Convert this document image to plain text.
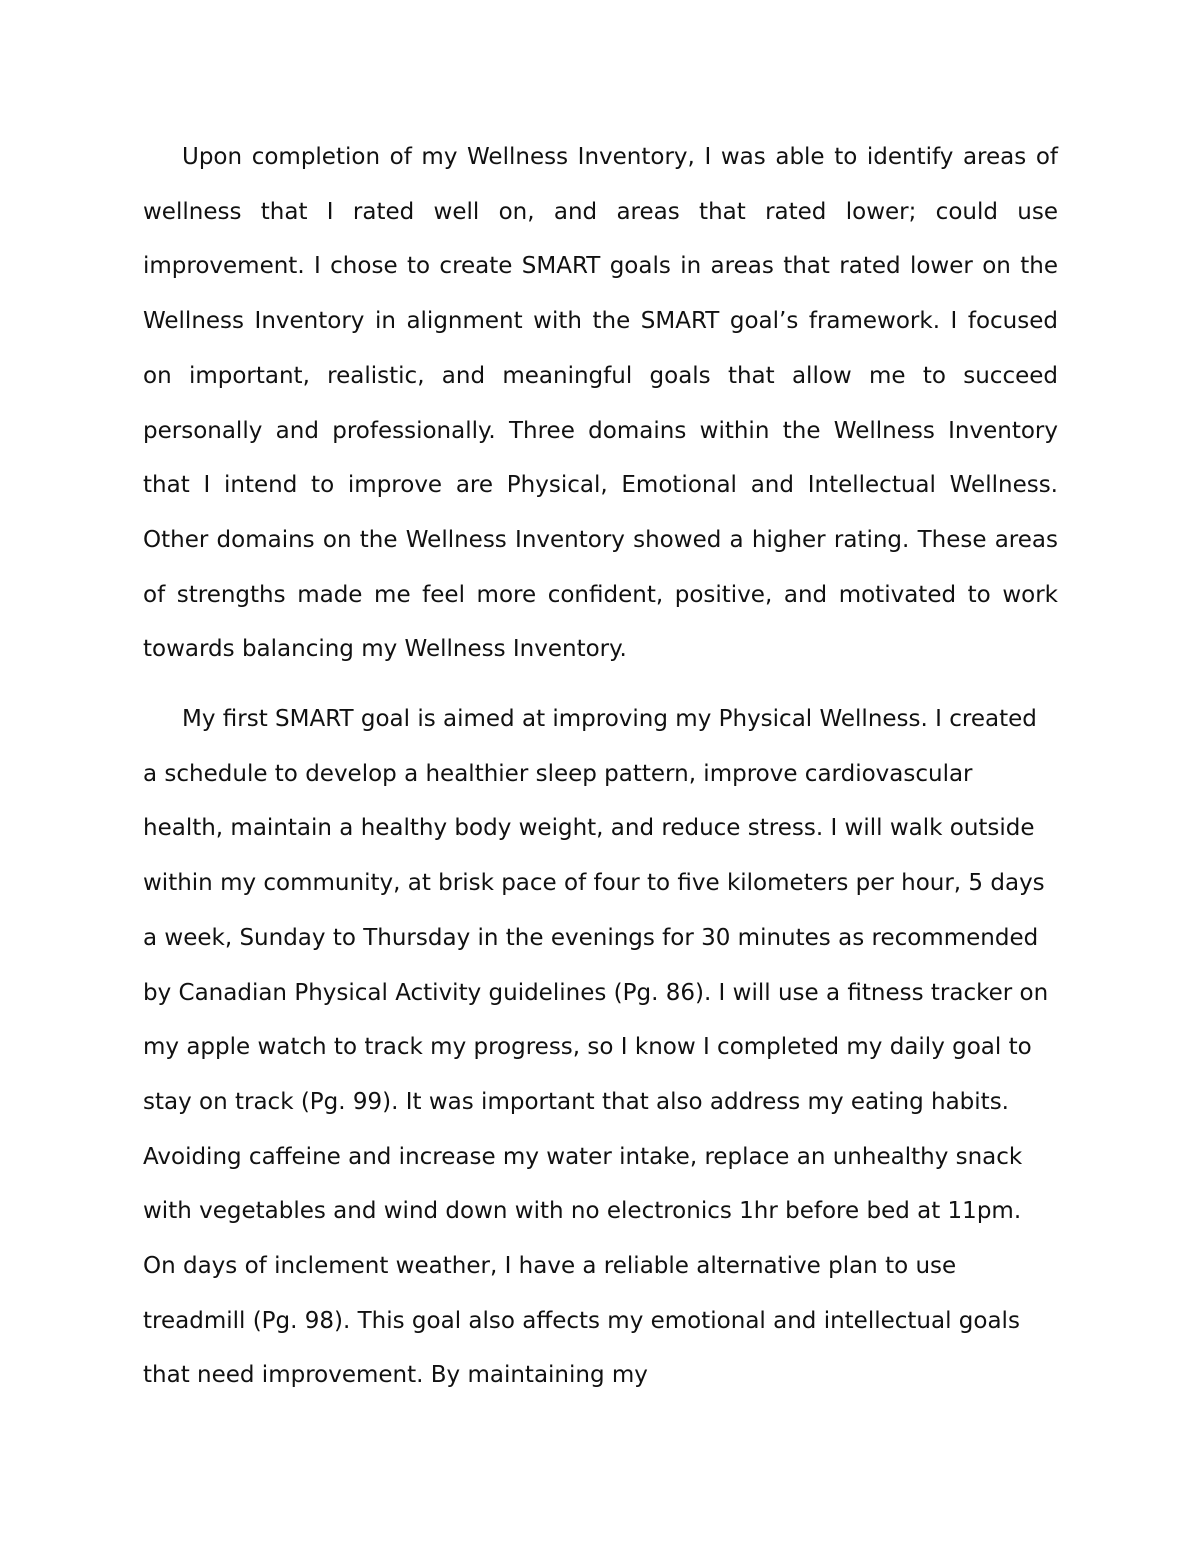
Upon completion of my Wellness Inventory, I was able to identify areas of wellness that I rated well on, and areas that rated lower; could use improvement. I chose to create SMART goals in areas that rated lower on the Wellness Inventory in alignment with the SMART goal’s framework. I focused on important, realistic, and meaningful goals that allow me to succeed personally and professionally. Three domains within the Wellness Inventory that I intend to improve are Physical, Emotional and Intellectual Wellness. Other domains on the Wellness Inventory showed a higher rating. These areas of strengths made me feel more confident, positive, and motivated to work towards balancing my Wellness Inventory.

My first SMART goal is aimed at improving my Physical Wellness. I created a schedule to develop a healthier sleep pattern, improve cardiovascular health, maintain a healthy body weight, and reduce stress. I will walk outside within my community, at brisk pace of four to five kilometers per hour, 5 days a week, Sunday to Thursday in the evenings for 30 minutes as recommended by Canadian Physical Activity guidelines (Pg. 86). I will use a fitness tracker on my apple watch to track my progress, so I know I completed my daily goal to stay on track (Pg. 99). It was important that also address my eating habits. Avoiding caffeine and increase my water intake, replace an unhealthy snack with vegetables and wind down with no electronics 1hr before bed at 11pm. On days of inclement weather, I have a reliable alternative plan to use treadmill (Pg. 98). This goal also affects my emotional and intellectual goals that need improvement. By maintaining my
